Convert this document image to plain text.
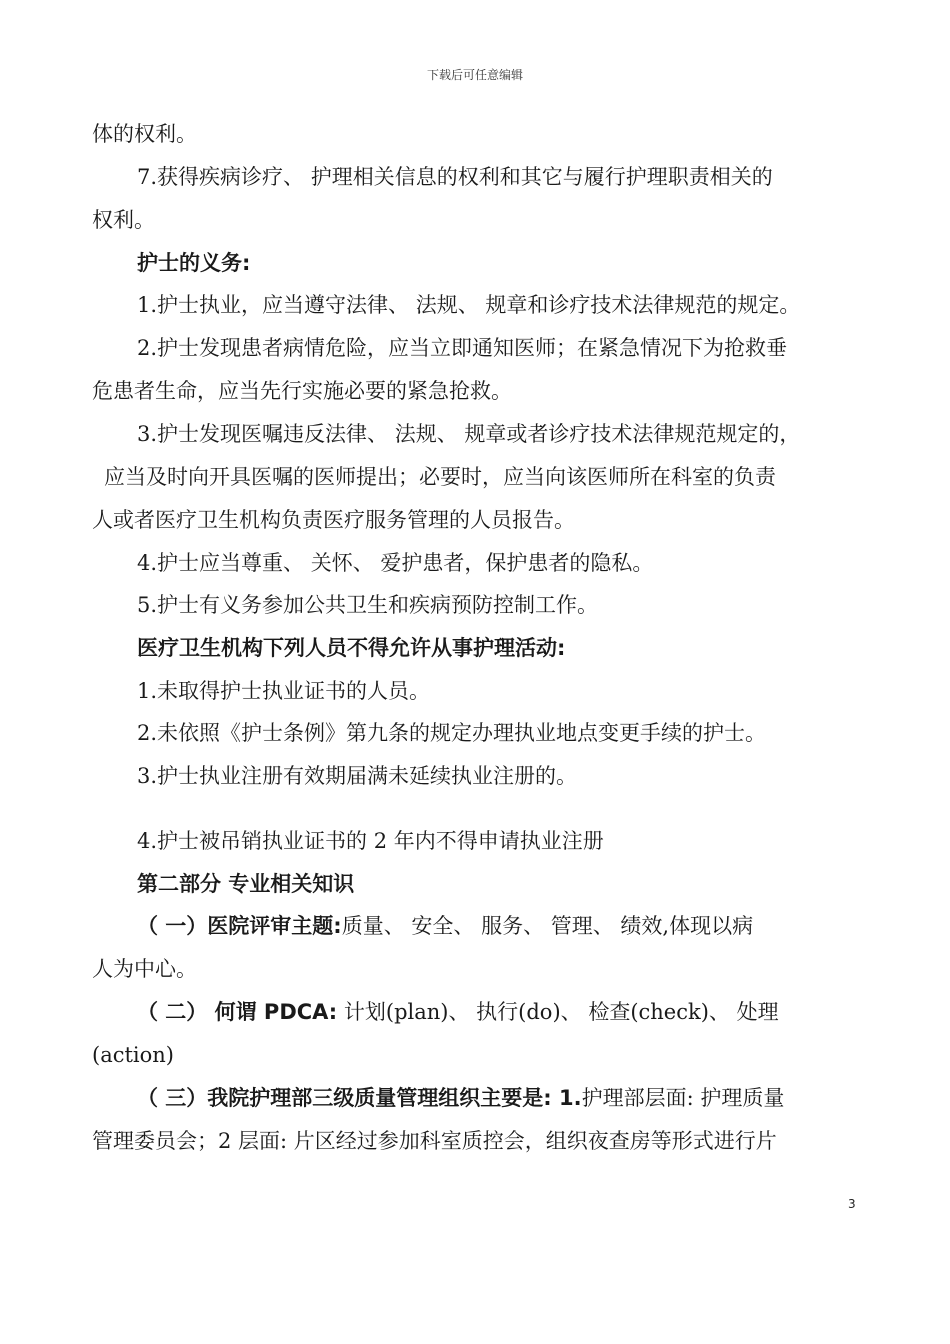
下载后可任意编辑
体的权利。
7.获得疾病诊疗、 护理相关信息的权利和其它与履行护理职责相关的
权利。
护士的义务:
1.护士执业，应当遵守法律、 法规、 规章和诊疗技术法律规范的规定。
2.护士发现患者病情危险，应当立即通知医师；在紧急情况下为抢救垂
危患者生命，应当先行实施必要的紧急抢救。
3.护士发现医嘱违反法律、 法规、 规章或者诊疗技术法律规范规定的，
应当及时向开具医嘱的医师提出；必要时，应当向该医师所在科室的负责
人或者医疗卫生机构负责医疗服务管理的人员报告。
4.护士应当尊重、 关怀、 爱护患者，保护患者的隐私。
5.护士有义务参加公共卫生和疾病预防控制工作。
医疗卫生机构下列人员不得允许从事护理活动:
1.未取得护士执业证书的人员。
2.未依照《护士条例》第九条的规定办理执业地点变更手续的护士。
3.护士执业注册有效期届满未延续执业注册的。
4.护士被吊销执业证书的 2 年内不得申请执业注册
第二部分 专业相关知识
（ 一）医院评审主题:质量、 安全、 服务、 管理、 绩效,体现以病
人为中心。
（ 二） 何谓 PDCA: 计划(plan)、 执行(do)、 检查(check)、 处理
(action)
（ 三）我院护理部三级质量管理组织主要是: 1.护理部层面: 护理质量
管理委员会；2 层面: 片区经过参加科室质控会，组织夜查房等形式进行片
3
